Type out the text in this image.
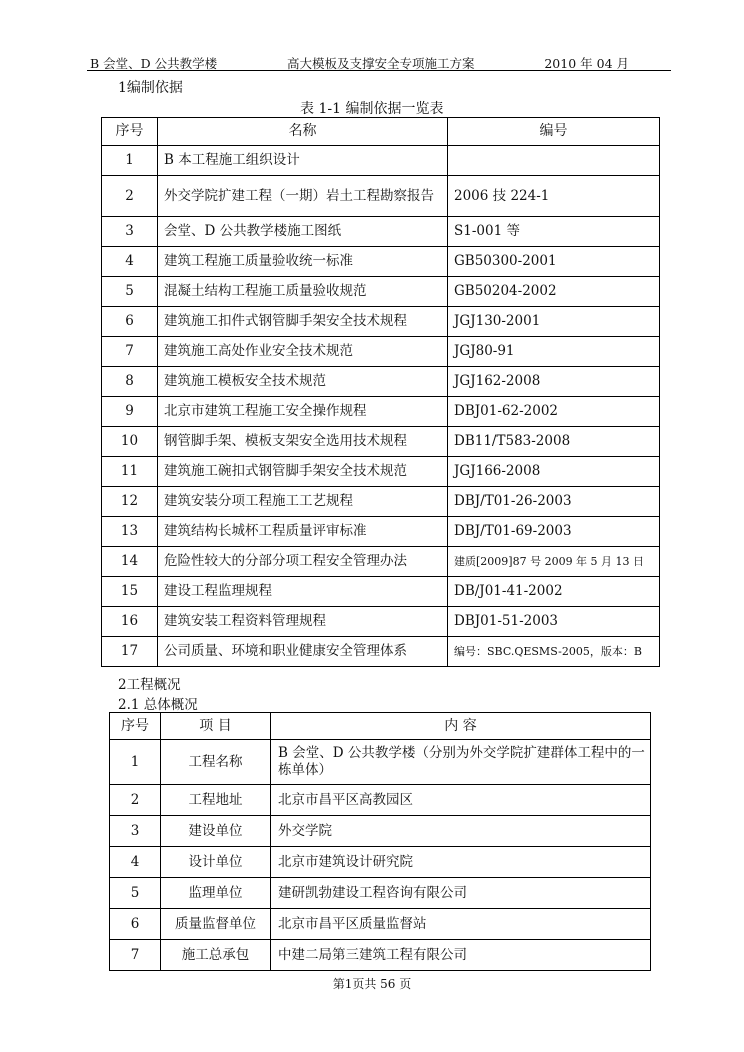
B 会堂、D 公共教学楼	高大模板及支撑安全专项施工方案	2010 年 04 月
1编制依据
表 1-1 编制依据一览表
序号	名称	编号
1	B 本工程施工组织设计	
2	外交学院扩建工程（一期）岩土工程勘察报告	2006 技 224-1
3	会堂、D 公共教学楼施工图纸	S1-001 等
4	建筑工程施工质量验收统一标准	GB50300-2001
5	混凝土结构工程施工质量验收规范	GB50204-2002
6	建筑施工扣件式钢管脚手架安全技术规程	JGJ130-2001
7	建筑施工高处作业安全技术规范	JGJ80-91
8	建筑施工模板安全技术规范	JGJ162-2008
9	北京市建筑工程施工安全操作规程	DBJ01-62-2002
10	钢管脚手架、模板支架安全选用技术规程	DB11/T583-2008
11	建筑施工碗扣式钢管脚手架安全技术规范	JGJ166-2008
12	建筑安装分项工程施工工艺规程	DBJ/T01-26-2003
13	建筑结构长城杯工程质量评审标准	DBJ/T01-69-2003
14	危险性较大的分部分项工程安全管理办法	建质[2009]87 号 2009 年 5 月 13 日
15	建设工程监理规程	DB/J01-41-2002
16	建筑安装工程资料管理规程	DBJ01-51-2003
17	公司质量、环境和职业健康安全管理体系	编号：SBC.QESMS-2005，版本：B
2工程概况
2.1 总体概况
序号	项 目	内 容
1	工程名称	B 会堂、D 公共教学楼（分别为外交学院扩建群体工程中的一栋单体）
2	工程地址	北京市昌平区高教园区
3	建设单位	外交学院
4	设计单位	北京市建筑设计研究院
5	监理单位	建研凯勃建设工程咨询有限公司
6	质量监督单位	北京市昌平区质量监督站
7	施工总承包	中建二局第三建筑工程有限公司
第1页共 56 页
